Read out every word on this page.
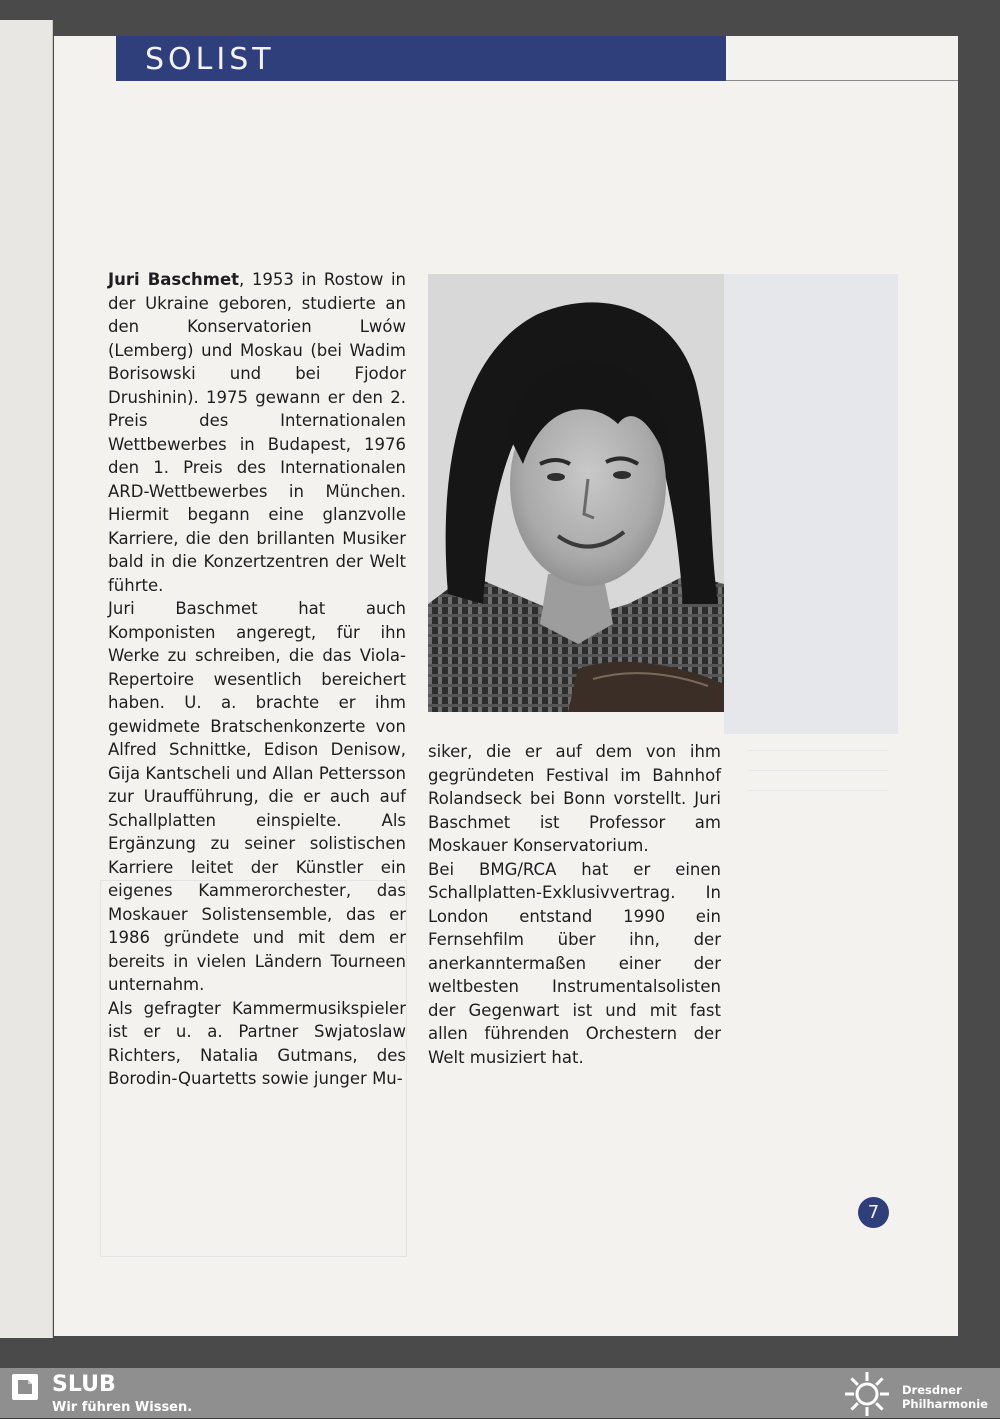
SOLIST

Juri Baschmet, 1953 in Rostow in der Ukraine geboren, studierte an den Konservatorien Lwów (Lemberg) und Moskau (bei Wadim Borisowski und bei Fjodor Drushinin). 1975 gewann er den 2. Preis des Internationalen Wettbewerbes in Budapest, 1976 den 1. Preis des Internationalen ARD-Wettbewerbes in München. Hiermit begann eine glanzvolle Karriere, die den brillanten Musiker bald in die Konzertzentren der Welt führte.

Juri Baschmet hat auch Komponisten angeregt, für ihn Werke zu schreiben, die das Viola-Repertoire wesentlich bereichert haben. U. a. brachte er ihm gewidmete Bratschenkonzerte von Alfred Schnittke, Edison Denisow, Gija Kantscheli und Allan Pettersson zur Uraufführung, die er auch auf Schallplatten einspielte. Als Ergänzung zu seiner solistischen Karriere leitet der Künstler ein eigenes Kammerorchester, das Moskauer Solistensemble, das er 1986 gründete und mit dem er bereits in vielen Ländern Tourneen unternahm.

Als gefragter Kammermusikspieler ist er u. a. Partner Swjatoslaw Richters, Natalia Gutmans, des Borodin-Quartetts sowie junger Mu-

siker, die er auf dem von ihm gegründeten Festival im Bahnhof Rolandseck bei Bonn vorstellt. Juri Baschmet ist Professor am Moskauer Konservatorium.

Bei BMG/RCA hat er einen Schallplatten-Exklusivvertrag. In London entstand 1990 ein Fernsehfilm über ihn, der anerkanntermaßen einer der weltbesten Instrumentalsolisten der Gegenwart ist und mit fast allen führenden Orchestern der Welt musiziert hat.

7
SLUB
Wir führen Wissen.
Dresdner
Philharmonie
